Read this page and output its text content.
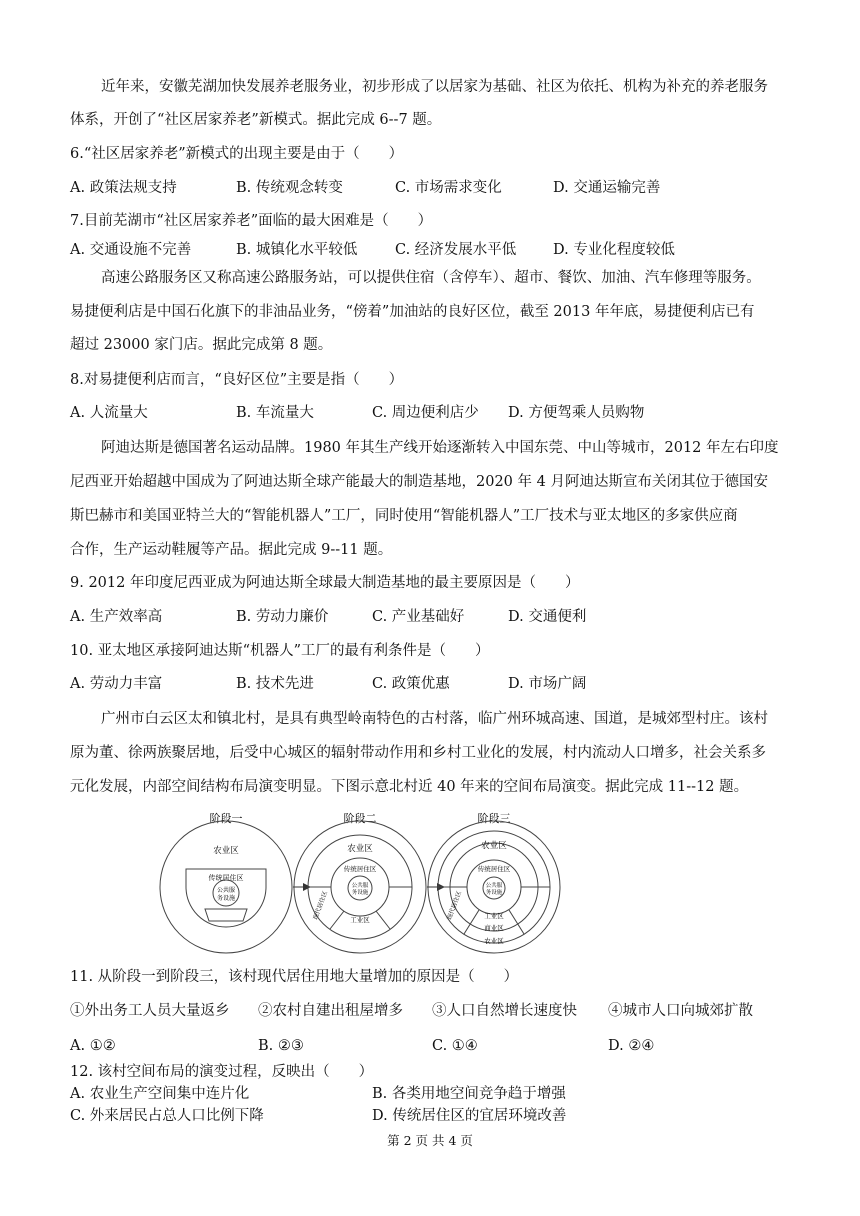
近年来，安徽芜湖加快发展养老服务业，初步形成了以居家为基础、社区为依托、机构为补充的养老服务
体系，开创了“社区居家养老”新模式。据此完成 6--7 题。
6.“社区居家养老”新模式的出现主要是由于（　　）
A. 政策法规支持	B. 传统观念转变	C. 市场需求变化	D. 交通运输完善
7.目前芜湖市“社区居家养老”面临的最大困难是（　　）
A. 交通设施不完善	B. 城镇化水平较低	C. 经济发展水平低	D. 专业化程度较低
高速公路服务区又称高速公路服务站，可以提供住宿（含停车）、超市、餐饮、加油、汽车修理等服务。
易捷便利店是中国石化旗下的非油品业务，“傍着”加油站的良好区位，截至 2013 年年底，易捷便利店已有
超过 23000 家门店。据此完成第 8 题。
8.对易捷便利店而言，“良好区位”主要是指（　　）
A. 人流量大	B. 车流量大	C. 周边便利店少 D. 方便驾乘人员购物
阿迪达斯是德国著名运动品牌。1980 年其生产线开始逐渐转入中国东莞、中山等城市，2012 年左右印度
尼西亚开始超越中国成为了阿迪达斯全球产能最大的制造基地，2020 年 4 月阿迪达斯宣布关闭其位于德国安
斯巴赫市和美国亚特兰大的“智能机器人”工厂，同时使用“智能机器人”工厂技术与亚太地区的多家供应商
合作，生产运动鞋履等产品。据此完成 9--11 题。
9. 2012 年印度尼西亚成为阿迪达斯全球最大制造基地的最主要原因是（　　）
A. 生产效率高	B. 劳动力廉价	C. 产业基础好	D. 交通便利
10. 亚太地区承接阿迪达斯“机器人”工厂的最有利条件是（　　）
A. 劳动力丰富	B. 技术先进	C. 政策优惠	D. 市场广阔
广州市白云区太和镇北村，是具有典型岭南特色的古村落，临广州环城高速、国道，是城郊型村庄。该村
原为董、徐两族聚居地，后受中心城区的辐射带动作用和乡村工业化的发展，村内流动人口增多，社会关系多
元化发展，内部空间结构布局演变明显。下图示意北村近 40 年来的空间布局演变。据此完成 11--12 题。
阶段一
农业区
传统居住区
公共服
务设施
阶段二
农业区
传统居住区
公共服
务设施
工业区
现代居住区
阶段三
农业区
传统居住区
公共服
务设施
工业区
商业区
农业区
现代居住区
11. 从阶段一到阶段三，该村现代居住用地大量增加的原因是（　　）
①外出务工人员大量返乡 ②农村自建出租屋增多 ③人口自然增长速度快 ④城市人口向城郊扩散
A. ①②	B. ②③	C. ①④	D. ②④
12. 该村空间布局的演变过程，反映出（　　）
A. 农业生产空间集中连片化	B. 各类用地空间竞争趋于增强
C. 外来居民占总人口比例下降	D. 传统居住区的宜居环境改善
第 2 页 共 4 页
